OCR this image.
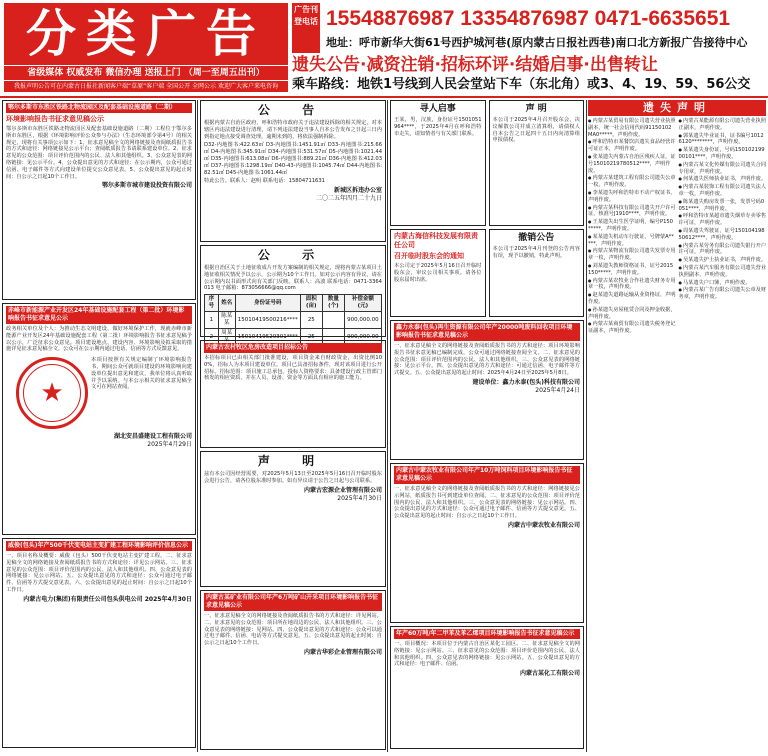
分类广告
省级媒体 权威发布 微信办理 送报上门 （周一至周五出刊）
我报声明公告可在内蒙古日报社新闻客户端“草原”客户端 全国公开 全网公示 欢迎广大客户来电咨询
广告刊登电话 15548876987 13354876987 0471-6635651
地址：呼市新华大街61号西护城河巷(原内蒙古日报社西巷)南口北方新报广告接待中心
遗失公告·减资注销·招标环评·结婚启事·出售转让
乘车路线：地铁1号线到人民会堂站下车（东北角）或3、4、19、59、56公交
鄂尔多斯市东胜区铁路北物流园区及配套基础设施道路（二期）
环境影响报告书征求意见稿公示
鄂尔多斯市东胜区铁路北物流园区及配套基础设施道路（二期）工程位于鄂尔多斯市东胜区，根据《环境影响评价公众参与办法》（生态环境部令第4号）的相关规定，现将有关事项公示如下：1、征求意见稿全文的网络链接及查阅纸质报告书的方式和途径：网络链接见公示平台；查阅纸质报告书请联系建设单位。2、征求意见的公众范围：项目评价范围内的公民、法人和其他组织。3、公众意见表的网络链接：见公示平台。4、公众提出意见的方式和途径：在公示期内，公众可通过信函、电子邮件等方式向建设单位提交公众意见表。5、公众提出意见的起止时间：自公示之日起10个工作日。
鄂尔多斯市城市建设投资有限公司
赤峰市新能源产业开发区24年基础设施配套工程（第二批）环境影响报告书征求意见公示
政务相关单位及个人：为推动生态文明建设、做好环境保护工作，现就赤峰市新能源产业开发区24年基础设施配套工程（第二批）环境影响报告书征求意见稿予以公示，广泛征求公众意见。项目建设地点、建设内容、环境影响及拟采取的措施详见征求意见稿全文。公众可在公示期内通过电话、信函等方式反馈意见。
★
本项目按照有关规定编制了环境影响报告书，期间公众可就项目建设的环境影响向建设单位提出意见和建议，我单位将认真听取并予以采纳。与本公示相关的征求意见稿全文可在网站查阅。
湖北安昌盛建设工程有限公司
2025年4月29日
威俊(包头)年产500千伏变电站主变扩建工程环境影响评价信息公示
一、项目名称及概要：威俊（包头）500千伏变电站主变扩建工程。二、征求意见稿全文的网络链接及查阅纸质报告书的方式和途径：详见公示网站。三、征求意见的公众范围：项目评价范围内的公民、法人和其他组织。四、公众意见表的网络链接：见公示网站。五、公众提出意见的方式和途径：公众可通过电子邮件、信函等方式提交意见表。六、公众提出意见的起止时间：自公示之日起10个工作日。
内蒙古电力(集团)有限责任公司包头供电公司 2025年4月30日
公 告
根据内蒙古自治区政府、呼和浩特市政府关于违法建设拆除的相关规定，对本辖区内违法建设进行清理，请下列违法建设当事人自本公告发布之日起三日内到指定地点接受调查处理，逾期未到的，将依法强制拆除。
D32-内地图书:422.63㎡ D3-内地图书:1451.91㎡ D33-内地图书:215.66㎡ D4-内地图书:345.91㎡ D34-内地图书:531.57㎡ D5-内地图书:1021.44㎡ D35-内地图书:613.08㎡ D6-内地图书:889.21㎡ D36-内地图书:412.03㎡ D37-内地图书:1298.19㎡ D40-43-内地图书:1045.74㎡ D44-内地图书:82.51㎡ D45-内地图书:1061.44㎡
特此公告。联系人：赵明 联系电话：15804711631
新城区拆违办公室
二〇二五年四月二十九日
公 示
根据自治区关于土地征收成片开发方案编制的相关规定，现将内蒙古某项目土地征收相关情况予以公示，公示期为10个工作日。如对公示内容有异议，请在公示期内以书面形式向有关部门反映。联系人：高波 联系电话：0471-3364013 电子邮箱：873056666@qq.com
序号	姓名	身份证号码	面积(亩)	数量(个)	补偿金额(元)
1	陈某某	15010419500216****	25		900,000.00
2	周某某	15010419520301****	25		900,000.00
内蒙古农村牧区危房改造项目招标公告
本招标项目已由相关部门批准建设，项目资金来自财政资金，出资比例100%，招标人为本项目建设单位。项目已具备招标条件，现对该项目进行公开招标。招标范围：项目施工总承包。投标人资格要求：具备建设行政主管部门核发的相应资质，并在人员、设备、资金等方面具有相应的施工能力。
声 明
兹有本公司因经营需要，对2025年5月13日至2025年5月16日召开临时股东会进行公告，请各位股东准时参加。如有异议请于公告之日起与公司联系。
内蒙古宏源企业管理有限公司
2025年4月30日
内蒙古某矿业有限公司年产6万吨矿山开采项目环境影响报告书征求意见稿公示
一、征求意见稿全文的网络链接及查阅纸质报告书的方式和途径：详见网站。二、征求意见的公众范围：项目所在地周边的公民、法人和其他组织。三、公众意见表的网络链接：见网站。四、公众提出意见的方式和途径：公众可以通过电子邮件、信函、电话等方式提交意见。五、公众提出意见的起止时间：自公示之日起10个工作日。
内蒙古华彩企业管理有限公司
寻人启事
王某，男，汉族，身份证号1501051964****，于2025年4月在呼和浩特市走失，请知情者与有关部门联系。
声 明
本公司于2025年4月召开股东会，决议解散公司并成立清算组，请债权人自本公告之日起四十五日内向清算组申报债权。
内蒙古海信科技发展有限责任公司
召开临时股东会的通知
本公司定于2025年5月16日召开临时股东会，审议公司相关事项。请各位股东届时出席。
撤销公告
本公司于2025年4月刊登的公告内容有误，现予以撤销，特此声明。
鑫力永泰(包头)再生资源有限公司年产20000吨废料回收项目环境影响报告书征求意见稿公示
一、征求意见稿全文的网络链接及查阅纸质报告书的方式和途径：项目环境影响报告书征求意见稿已编制完成，公众可通过网络链接查阅全文。二、征求意见的公众范围：项目评价范围内的公民、法人和其他组织。三、公众意见表的网络链接：见公示平台。四、公众提出意见的方式和途径：可通过信函、电子邮件等方式提交。五、公众提出意见的起止时间：2025年4月24日至2025年5月8日。
建设单位：鑫力永泰(包头)科技有限公司
2025年4月24日
内蒙古中蒙农牧业有限公司年产10万吨饲料项目环境影响报告书征求意见稿公示
一、征求意见稿全文的网络链接及查阅纸质报告书的方式和途径：网络链接见公示网站，纸质报告书可到建设单位查阅。二、征求意见的公众范围：项目评价范围内的公民、法人和其他组织。三、公众意见表的网络链接：见公示网站。四、公众提出意见的方式和途径：公众可通过电子邮件、信函等方式提交意见。五、公众提出意见的起止时间：自公示之日起10个工作日。
内蒙古中蒙农牧业有限公司
年产60万吨/年二甲苯及苯乙烯项目环境影响报告书征求意见稿公示
一、项目概况：本项目位于内蒙古自治区某化工园区。二、征求意见稿全文的网络链接：见公示网站。三、征求意见的公众范围：项目评价范围内的公民、法人和其他组织。四、公众意见表的网络链接：见公示网站。五、公众提出意见的方式和途径：电子邮件、信函。
内蒙古某化工有限公司
遗失声明
● 内蒙古某贸易有限公司遗失营业执照副本，统一社会信用代码91150102MA0*****，声明作废。
● 呼和浩特市某餐饮店遗失食品经营许可证正本，声明作废。
● 张某遗失内蒙古自治区残疾人证，证号15010219780512****，声明作废。
● 内蒙古某建筑工程有限公司遗失公章一枚，声明作废。
● 李某遗失呼和浩特市不动产权证书，声明作废。
● 内蒙古某科技有限公司遗失开户许可证，核准号J1910****，声明作废。
● 王某遗失出生医学证明，编号P150*****，声明作废。
● 某某遗失机动车行驶证，号牌蒙A*****，声明作废。
● 内蒙古某物流有限公司遗失发票专用章一枚，声明作废。
● 刘某遗失教师资格证书，证号2015150*****，声明作废。
● 内蒙古某农牧业合作社遗失财务专用章一枚，声明作废。
● 赵某遗失道路运输从业资格证，声明作废。
● 孙某遗失房屋租赁合同及押金收据，声明作废。
● 内蒙古某商贸有限公司遗失税务登记证副本，声明作废。
● 内蒙古某能源有限公司遗失营业执照正副本，声明作废。
● 郭某遗失毕业证书，证书编号10126120********，声明作废。
● 某某遗失身份证，号码15010219900101****，声明作废。
● 内蒙古某文化传媒有限公司遗失合同专用章，声明作废。
● 何某遗失医师执业证书，声明作废。
● 内蒙古某装饰工程有限公司遗失法人章一枚，声明作废。
● 陈某遗失购房发票一张，发票号码0051****，声明作废。
● 呼和浩特市某超市遗失烟草专卖零售许可证，声明作废。
● 周某遗失驾驶证，证号15010419850612****，声明作废。
● 内蒙古某劳务有限公司遗失银行开户许可证，声明作废。
● 吴某遗失护士执业证书，声明作废。
● 内蒙古某汽车服务有限公司遗失营业执照副本，声明作废。
● 马某遗失户口簿，声明作废。
● 内蒙古某广告有限公司遗失公章及财务章，声明作废。
